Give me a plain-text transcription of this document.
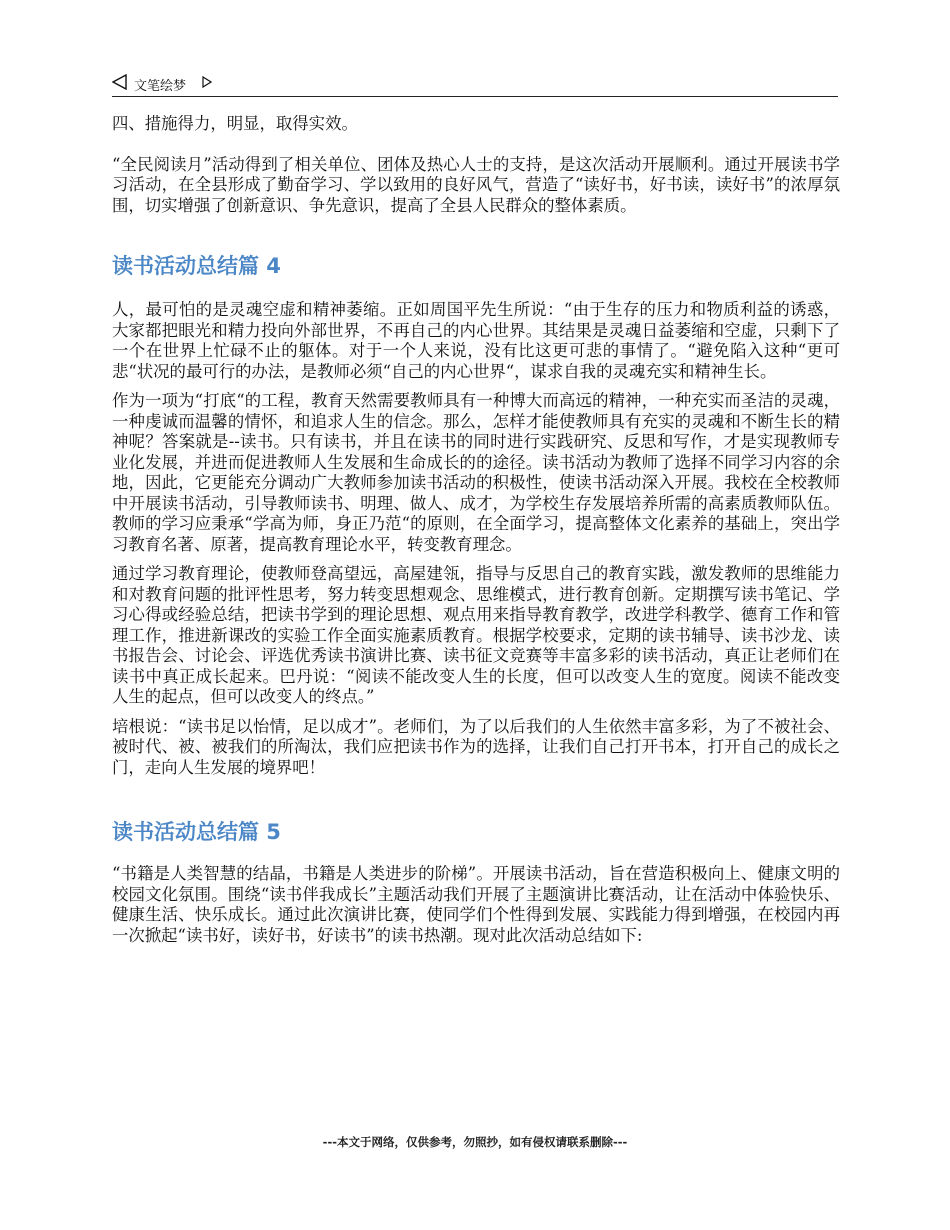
文笔绘梦

四、措施得力，明显，取得实效。

“全民阅读月”活动得到了相关单位、团体及热心人士的支持，是这次活动开展顺利。通过开展读书学习活动，在全县形成了勤奋学习、学以致用的良好风气，营造了“读好书，好书读，读好书”的浓厚氛围，切实增强了创新意识、争先意识，提高了全县人民群众的整体素质。

读书活动总结篇 4

人，最可怕的是灵魂空虚和精神萎缩。正如周国平先生所说：“由于生存的压力和物质利益的诱惑，大家都把眼光和精力投向外部世界，不再自己的内心世界。其结果是灵魂日益萎缩和空虚，只剩下了一个在世界上忙碌不止的躯体。对于一个人来说，没有比这更可悲的事情了。“避免陷入这种“更可悲“状况的最可行的办法，是教师必须“自己的内心世界“，谋求自我的灵魂充实和精神生长。

作为一项为“打底“的工程，教育天然需要教师具有一种博大而高远的精神，一种充实而圣洁的灵魂，一种虔诚而温馨的情怀，和追求人生的信念。那么，怎样才能使教师具有充实的灵魂和不断生长的精神呢？答案就是--读书。只有读书，并且在读书的同时进行实践研究、反思和写作，才是实现教师专业化发展，并进而促进教师人生发展和生命成长的的途径。读书活动为教师了选择不同学习内容的余地，因此，它更能充分调动广大教师参加读书活动的积极性，使读书活动深入开展。我校在全校教师中开展读书活动，引导教师读书、明理、做人、成才，为学校生存发展培养所需的高素质教师队伍。教师的学习应秉承“学高为师，身正乃范“的原则，在全面学习，提高整体文化素养的基础上，突出学习教育名著、原著，提高教育理论水平，转变教育理念。

通过学习教育理论，使教师登高望远，高屋建瓴，指导与反思自己的教育实践，激发教师的思维能力和对教育问题的批评性思考，努力转变思想观念、思维模式，进行教育创新。定期撰写读书笔记、学习心得或经验总结，把读书学到的理论思想、观点用来指导教育教学，改进学科教学、德育工作和管理工作，推进新课改的实验工作全面实施素质教育。根据学校要求，定期的读书辅导、读书沙龙、读书报告会、讨论会、评选优秀读书演讲比赛、读书征文竞赛等丰富多彩的读书活动，真正让老师们在读书中真正成长起来。巴丹说：“阅读不能改变人生的长度，但可以改变人生的宽度。阅读不能改变人生的起点，但可以改变人的终点。”

培根说：“读书足以怡情，足以成才”。老师们，为了以后我们的人生依然丰富多彩，为了不被社会、被时代、被、被我们的所淘汰，我们应把读书作为的选择，让我们自己打开书本，打开自己的成长之门，走向人生发展的境界吧！

读书活动总结篇 5

“书籍是人类智慧的结晶，书籍是人类进步的阶梯”。开展读书活动，旨在营造积极向上、健康文明的校园文化氛围。围绕“读书伴我成长”主题活动我们开展了主题演讲比赛活动，让在活动中体验快乐、健康生活、快乐成长。通过此次演讲比赛，使同学们个性得到发展、实践能力得到增强，在校园内再一次掀起“读书好，读好书，好读书”的读书热潮。现对此次活动总结如下:

---本文于网络，仅供参考，勿照抄，如有侵权请联系删除---
